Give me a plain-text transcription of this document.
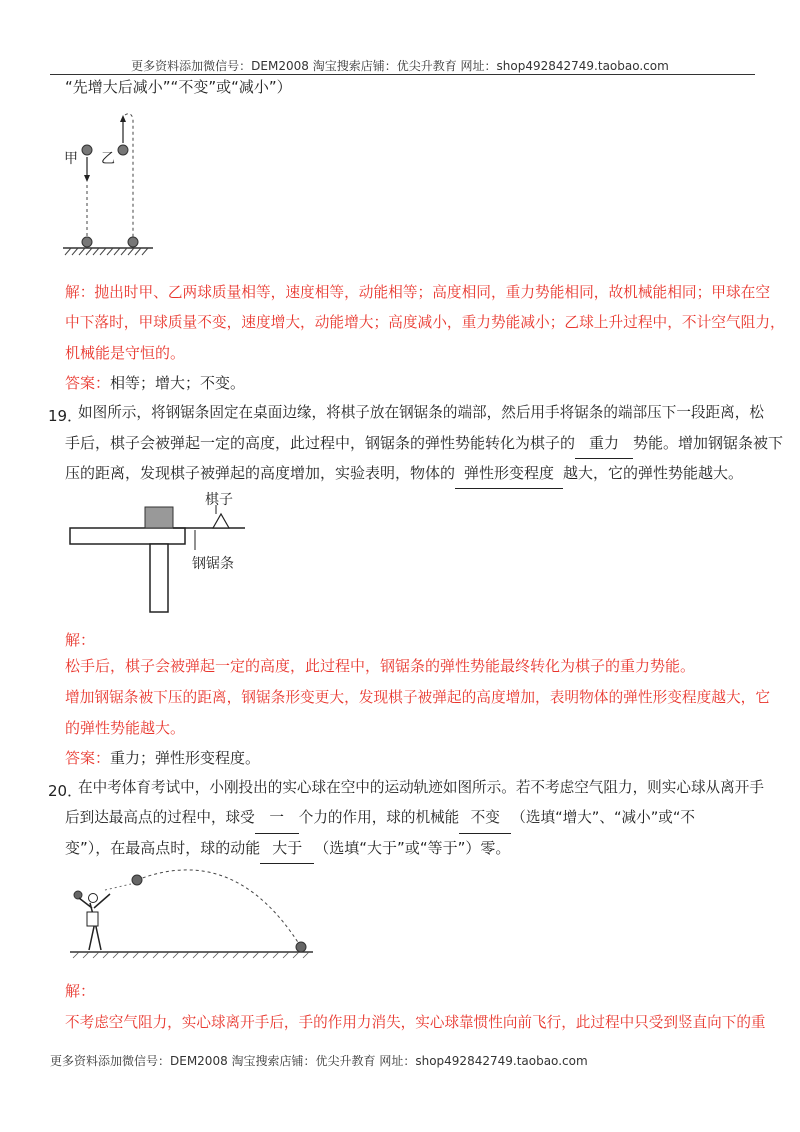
更多资料添加微信号：DEM2008 淘宝搜索店铺：优尖升教育 网址：shop492842749.taobao.com
“先增大后减小”“不变”或“减小”）
甲 乙
解：抛出时甲、乙两球质量相等，速度相等，动能相等；高度相同，重力势能相同，故机械能相同；甲球在空
中下落时，甲球质量不变，速度增大，动能增大；高度减小，重力势能减小；乙球上升过程中，不计空气阻力，
机械能是守恒的。
答案：相等；增大；不变。
19．
如图所示，将钢锯条固定在桌面边缘，将棋子放在钢锯条的端部，然后用手将锯条的端部压下一段距离，松
手后，棋子会被弹起一定的高度，此过程中，钢锯条的弹性势能转化为棋子的 重力 势能。增加钢锯条被下
压的距离，发现棋子被弹起的高度增加，实验表明，物体的 弹性形变程度 越大，它的弹性势能越大。
棋子
钢锯条
解：
松手后，棋子会被弹起一定的高度，此过程中，钢锯条的弹性势能最终转化为棋子的重力势能。
增加钢锯条被下压的距离，钢锯条形变更大，发现棋子被弹起的高度增加，表明物体的弹性形变程度越大，它
的弹性势能越大。
答案：重力；弹性形变程度。
20．
在中考体育考试中，小刚投出的实心球在空中的运动轨迹如图所示。若不考虑空气阻力，则实心球从离开手
后到达最高点的过程中，球受 一 个力的作用，球的机械能 不变 （选填“增大”、“减小”或“不
变”），在最高点时，球的动能 大于 （选填“大于”或“等于”）零。
解：
不考虑空气阻力，实心球离开手后，手的作用力消失，实心球靠惯性向前飞行，此过程中只受到竖直向下的重
更多资料添加微信号：DEM2008 淘宝搜索店铺：优尖升教育 网址：shop492842749.taobao.com
